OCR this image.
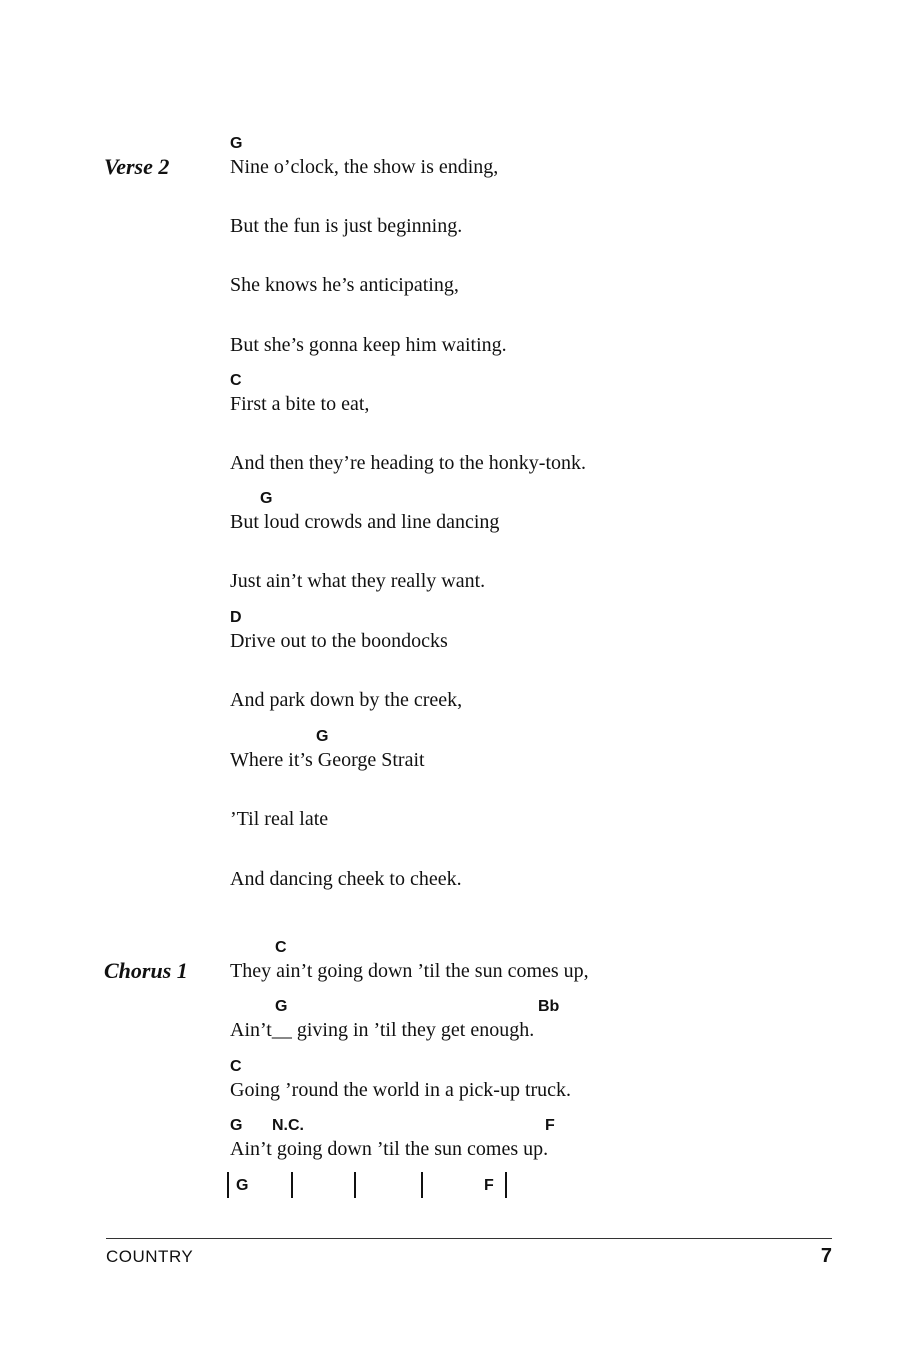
Verse 2
G
Nine o’clock, the show is ending,
But the fun is just beginning.
She knows he’s anticipating,
But she’s gonna keep him waiting.
C
First a bite to eat,
And then they’re heading to the honky-tonk.
G
But loud crowds and line dancing
Just ain’t what they really want.
D
Drive out to the boondocks
And park down by the creek,
G
Where it’s George Strait
’Til real late
And dancing cheek to cheek.
Chorus 1
C
They ain’t going down ’til the sun comes up,
G	Bb
Ain’t__ giving in ’til they get enough.
C
Going ’round the world in a pick-up truck.
G N.C.	F
Ain’t going down ’til the sun comes up.
G	F
COUNTRY	7
